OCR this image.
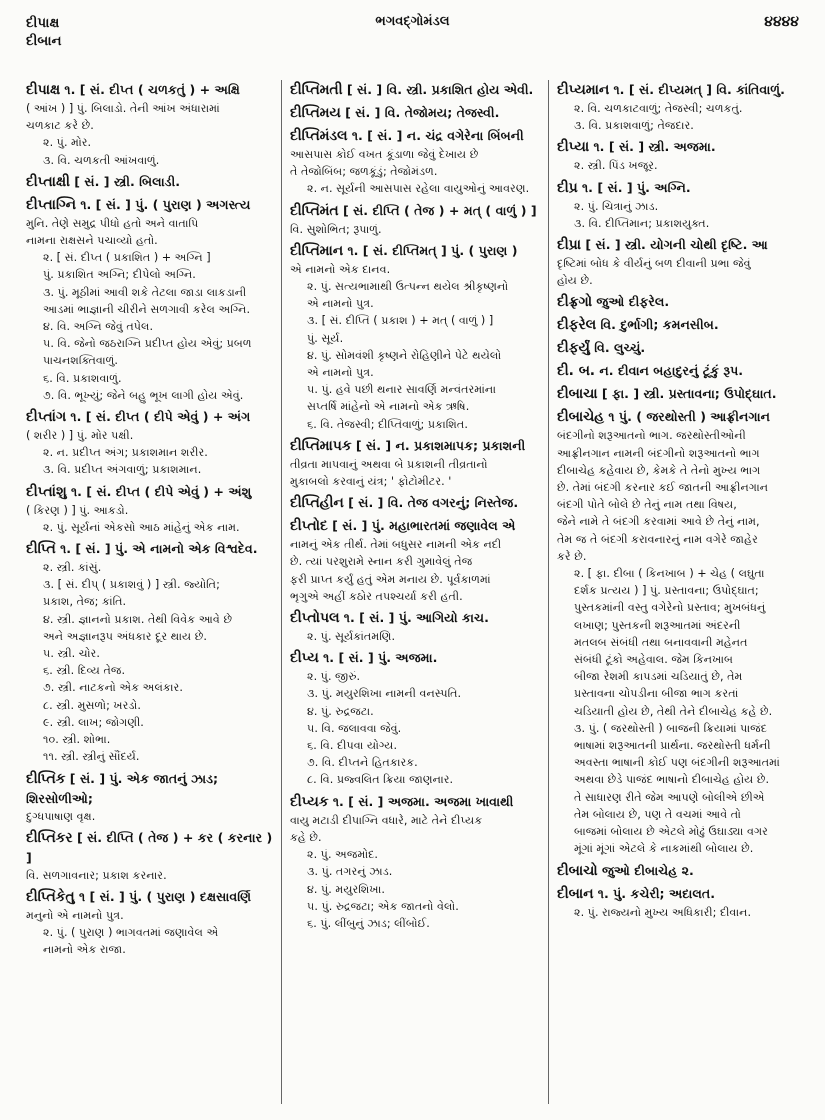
દીપાક્ષ
દીબાન
ભગવદ્ગોમંડલ	૪૪૪૪

દીપાક્ષ ૧. [ સં. દીપ્ત ( ચળકતું ) + અક્ષિ

( આંખ ) ] પું. બિલાડો. તેની આંખ અંધારામાં

ચળકાટ કરે છે.

૨. પું. મોર.

૩. વિ. ચળકતી આંખવાળું.

દીપ્તાક્ષી [ સં. ] સ્ત્રી. બિલાડી.

દીપ્તાગ્નિ ૧. [ સં. ] પું. ( પુરાણ ) અગસ્ત્ય

મુનિ. તેણે સમુદ્ર પીધો હતો અને વાતાપિ

નામના રાક્ષસને પચાવ્યો હતો.

૨. [ સં. દીપ્ત ( પ્રકાશિત ) + અગ્નિ ]

પું. પ્રકાશિત અગ્નિ; દીપેલો અગ્નિ.

૩. પું. મૂઠીમાં આવી શકે તેટલા જાડા લાકડાની

આડમાં ભાજ્ઞાની ચીરીને સળગાવી કરેલ અગ્નિ.

૪. વિ. અગ્નિ જેવું તપેલ.

૫. વિ. જેનો જઠરાગ્નિ પ્રદીપ્ત હોય એવું; પ્રબળ

પાચનશક્તિવાળું.

૬. વિ. પ્રકાશવાળું.

૭. વિ. ભૂખ્યું; જેને બહુ ભૂખ લાગી હોય એવું.

દીપ્તાંગ ૧. [ સં. દીપ્ત ( દીપે એવું ) + અંગ

( શરીર ) ] પું. મોર પક્ષી.

૨. ન. પ્રદીપ્ત અંગ; પ્રકાશમાન શરીર.

૩. વિ. પ્રદીપ્ત અંગવાળું; પ્રકાશમાન.

દીપ્તાંશુ ૧. [ સં. દીપ્ત ( દીપે એવું ) + અંશુ

( કિરણ ) ] પું. આકડો.

૨. પું. સૂર્યનાં એકસો આઠ માંહેનું એક નામ.

દીપ્તિ ૧. [ સં. ] પું. એ નામનો એક વિશ્વદેવ.

૨. સ્ત્રી. કાંસું.

૩. [ સં. દીપ્ ( પ્રકાશવું ) ] સ્ત્રી. જ્યોતિ;

પ્રકાશ, તેજ; કાંતિ.

૪. સ્ત્રી. જ્ઞાનનો પ્રકાશ. તેથી વિવેક આવે છે

અને અજ્ઞાનરૂપ અંધકાર દૂર થાય છે.

૫. સ્ત્રી. ચોર.

૬. સ્ત્રી. દિવ્ય તેજ.

૭. સ્ત્રી. નાટકનો એક અલંકાર.

૮. સ્ત્રી. મુસળો; ખરડો.

૯. સ્ત્રી. લાખ; જોગણી.

૧૦. સ્ત્રી. શોભા.

૧૧. સ્ત્રી. સ્ત્રીનું સૌંદર્ય.

દીપ્તિક [ સં. ] પું. એક જાતનું ઝાડ; શિરસોળીઓ;

દુગ્ધપાષાણ વૃક્ષ.

દીપ્તિકર [ સં. દીપ્તિ ( તેજ ) + કર ( કરનાર ) ]

વિ. સળગાવનાર; પ્રકાશ કરનાર.

દીપ્તિકેતુ ૧ [ સં. ] પું. ( પુરાણ ) દક્ષસાવર્ણિ

મનુનો એ નામનો પુત્ર.

૨. પું. ( પુરાણ ) ભાગવતમાં જણાવેલ એ

નામનો એક રાજા.

દીપ્તિમતી [ સં. ] વિ. સ્ત્રી. પ્રકાશિત હોય એવી.

દીપ્તિમય [ સં. ] વિ. તેજોમય; તેજસ્વી.

દીપ્તિમંડલ ૧. [ સં. ] ન. ચંદ્ર વગેરેના બિંબની

આસપાસ કોઈ વખત કૂંડાળા જેવું દેખાય છે

તે તેજોબિંબ; જળકૂંડું; તેજોમંડળ.

૨. ન. સૂર્યની આસપાસ રહેલા વાયુઓનું આવરણ.

દીપ્તિમંત [ સં. દીપ્તિ ( તેજ ) + મત્ ( વાળું ) ]

વિ. સુશોભિત; રૂપાળું.

દીપ્તિમાન ૧. [ સં. દીપ્તિમત્ ] પું. ( પુરાણ )

એ નામનો એક દાનવ.

૨. પું. સત્યભામાથી ઉત્પન્ન થયેલ શ્રીકૃષ્ણનો

એ નામનો પુત્ર.

૩. [ સં. દીપ્તિ ( પ્રકાશ ) + મત્ ( વાળું ) ]

પું. સૂર્ય.

૪. પું. સોમવંશી કૃષ્ણને રોહિણીને પેટે થયેલો

એ નામનો પુત્ર.

૫. પું. હવે પછી થનાર સાવર્ણિ મન્વંતરમાંના

સપ્તર્ષિ માંહેનો એ નામનો એક ઋષિ.

૬. વિ. તેજસ્વી; દીપ્તિવાળું; પ્રકાશિત.

દીપ્તિમાપક [ સં. ] ન. પ્રકાશમાપક; પ્રકાશની

તીવ્રતા માપવાનું અથવા બે પ્રકાશની તીવ્રતાનો

મુકાબલો કરવાનું યંત્ર; ' ફોટોમીટર. '

દીપ્તિહીન [ સં. ] વિ. તેજ વગરનું; નિસ્તેજ.

દીપ્તોદ [ સં. ] પું. મહાભારતમાં જણાવેલ એ

નામનું એક તીર્થ. તેમાં બધુસર નામની એક નદી

છે. ત્યાં પરશુરામે સ્નાન કરી ગુમાવેલું તેજ

ફરી પ્રાપ્ત કર્યું હતું એમ મનાય છે. પૂર્વકાળમાં

ભૃગુએ અહીં કઠોર તપશ્ચર્યા કરી હતી.

દીપ્તોપલ ૧. [ સં. ] પું. આગિયો કાચ.

૨. પું. સૂર્યકાંતમણિ.

દીપ્ય ૧. [ સં. ] પું. અજમા.

૨. પું. જીરું.

૩. પું. મયુરશિખા નામની વનસ્પતિ.

૪. પું. રુદ્રજટા.

૫. વિ. જલાવવા જેવું.

૬. વિ. દીપવા યોગ્ય.

૭. વિ. દીપ્તને હિતકારક.

૮. વિ. પ્રજ્વલિત ક્રિયા જાણનાર.

દીપ્યક ૧. [ સં. ] અજમા. અજમા ખાવાથી

વાયુ મટાડી દીપાગ્નિ વધારે, માટે તેને દીપ્યક

કહે છે.

૨. પું. અજમોદ.

૩. પું. તગરનું ઝાડ.

૪. પું. મયુરશિખા.

૫. પું. રુદ્રજટા; એક જાતનો વેલો.

૬. પું. લીંબુનું ઝાડ; લીંબોઈ.

દીપ્યમાન ૧. [ સં. દીપ્યમત્ ] વિ. કાંતિવાળું.

૨. વિ. ચળકાટવાળું; તેજસ્વી; ચળકતું.

૩. વિ. પ્રકાશવાળું; તેજદાર.

દીપ્યા ૧. [ સં. ] સ્ત્રી. અજમા.

૨. સ્ત્રી. પિંડ ખજૂર.

દીપ્ર ૧. [ સં. ] પું. અગ્નિ.

૨. પું. ચિત્રાનું ઝાડ.

૩. વિ. દીપ્તિમાન; પ્રકાશયુક્ત.

દીપ્રા [ સં. ] સ્ત્રી. યોગની ચોથી દૃષ્ટિ. આ

દૃષ્ટિમાં બોધ કે વીર્યનું બળ દીવાની પ્રભા જેવું

હોય છે.

દીફ્રગો જુઓ દીફરેલ.

દીફરેલ વિ. દુર્ભાગી; કમનસીબ.

દીફર્યું વિ. લુચ્ચું.

દી. બ. ન. દીવાન બહાદુરનું ટૂંકું રૂપ.

દીબાચા [ ફા. ] સ્ત્રી. પ્રસ્તાવના; ઉપોદ્ઘાત.

દીબાચેહ ૧ પું. ( જરથોસ્તી ) આફ્રીનગાન

બંદગીનો શરૂઆતનો ભાગ. જરથોસ્તીઓની

આફ્રીનગાન નામની બંદગીનો શરૂઆતનો ભાગ

દીબાચેહ કહેવાય છે, કેમકે તે તેનો મુખ્ય ભાગ

છે. તેમાં બંદગી કરનાર કઈ જાતની આફ્રીનગાન

બંદગી પોતે બોલે છે તેનું નામ તથા વિષય,

જેને નામે તે બંદગી કરવામાં આવે છે તેનું નામ,

તેમ જ તે બંદગી કરાવનારનું નામ વગેરે જાહેર

કરે છે.

૨. [ ફા. દીબા ( કિનખાબ ) + ચેહ ( લઘુતા

દર્શક પ્રત્યય ) ] પું. પ્રસ્તાવના; ઉપોદ્ઘાત;

પુસ્તકમાંની વસ્તુ વગેરેનો પ્રસ્તાવ; મુખબંધનું

લખાણ; પુસ્તકની શરૂઆતમાં અંદરની

મતલબ સંબંધી તથા બનાવવાની મહેનત

સંબંધી ટૂંકો અહેવાલ. જેમ કિનખાબ

બીજા રેશમી કાપડમાં ચડિયાતું છે, તેમ

પ્રસ્તાવના ચોપડીના બીજા ભાગ કરતાં

ચડિયાતી હોય છે, તેથી તેને દીબાચેહ કહે છે.

૩. પું. ( જરથોસ્તી ) બાજની ક્રિયામાં પાજંદ

ભાષામાં શરૂઆતની પ્રાર્થના. જરથોસ્તી ધર્મની

અવસ્તા ભાષાની કોઈ પણ બંદગીની શરૂઆતમાં

અથવા છેડે પાજંદ ભાષાનો દીબાચેહ હોય છે.

તે સાધારણ રીતે જેમ આપણે બોલીએ છીએ

તેમ બોલાય છે, પણ તે વચમાં આવે તો

બાજમાં બોલાય છે એટલે મોઢું ઉઘાડ્યા વગર

મૂંગાં મૂંગાં એટલે કે નાકમાંથી બોલાય છે.

દીબાચો જુઓ દીબાચેહ ૨.

દીબાન ૧. પું. કચેરી; અદાલત.

૨. પું. રાજ્યનો મુખ્ય અધિકારી; દીવાન.
